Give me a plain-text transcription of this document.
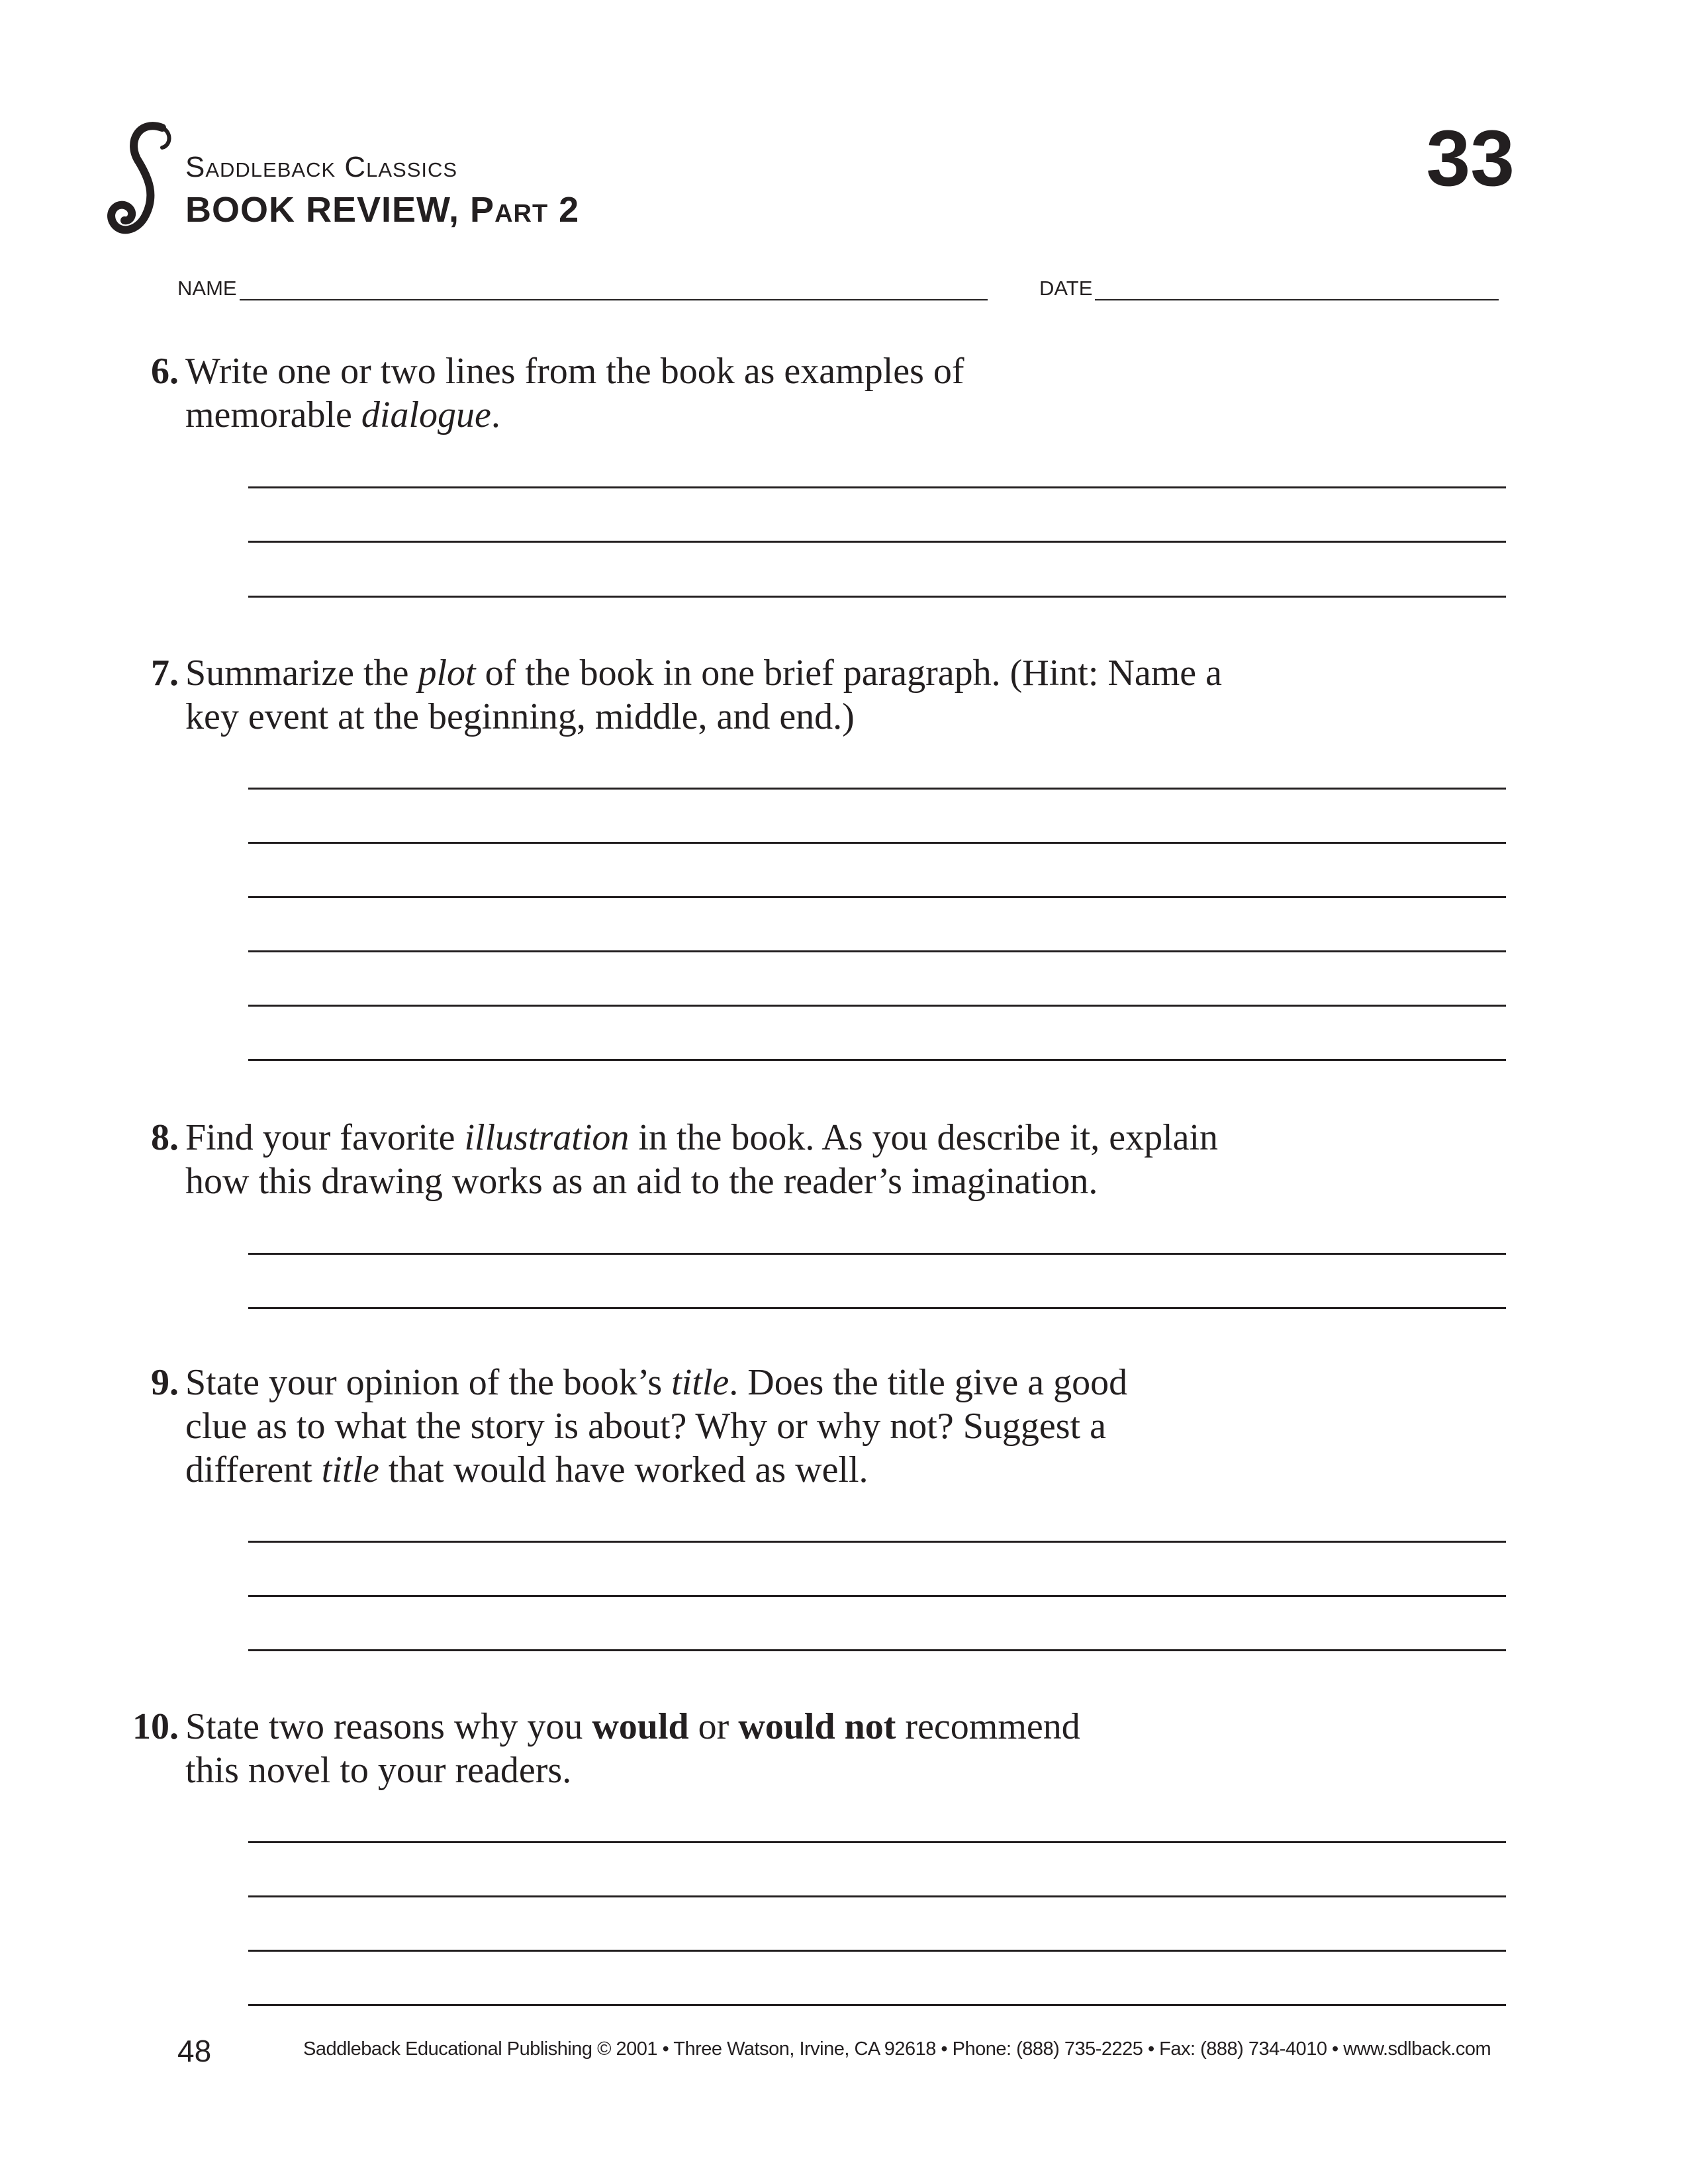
Saddleback Classics
BOOK REVIEW, Part 2
33
NAME	DATE
6. Write one or two lines from the book as examples of
memorable dialogue.
7. Summarize the plot of the book in one brief paragraph. (Hint: Name a
key event at the beginning, middle, and end.)
8. Find your favorite illustration in the book. As you describe it, explain
how this drawing works as an aid to the reader’s imagination.
9. State your opinion of the book’s title. Does the title give a good
clue as to what the story is about? Why or why not? Suggest a
different title that would have worked as well.
10. State two reasons why you would or would not recommend
this novel to your readers.
48	Saddleback Educational Publishing © 2001 • Three Watson, Irvine, CA 92618 • Phone: (888) 735-2225 • Fax: (888) 734-4010 • www.sdlback.com
